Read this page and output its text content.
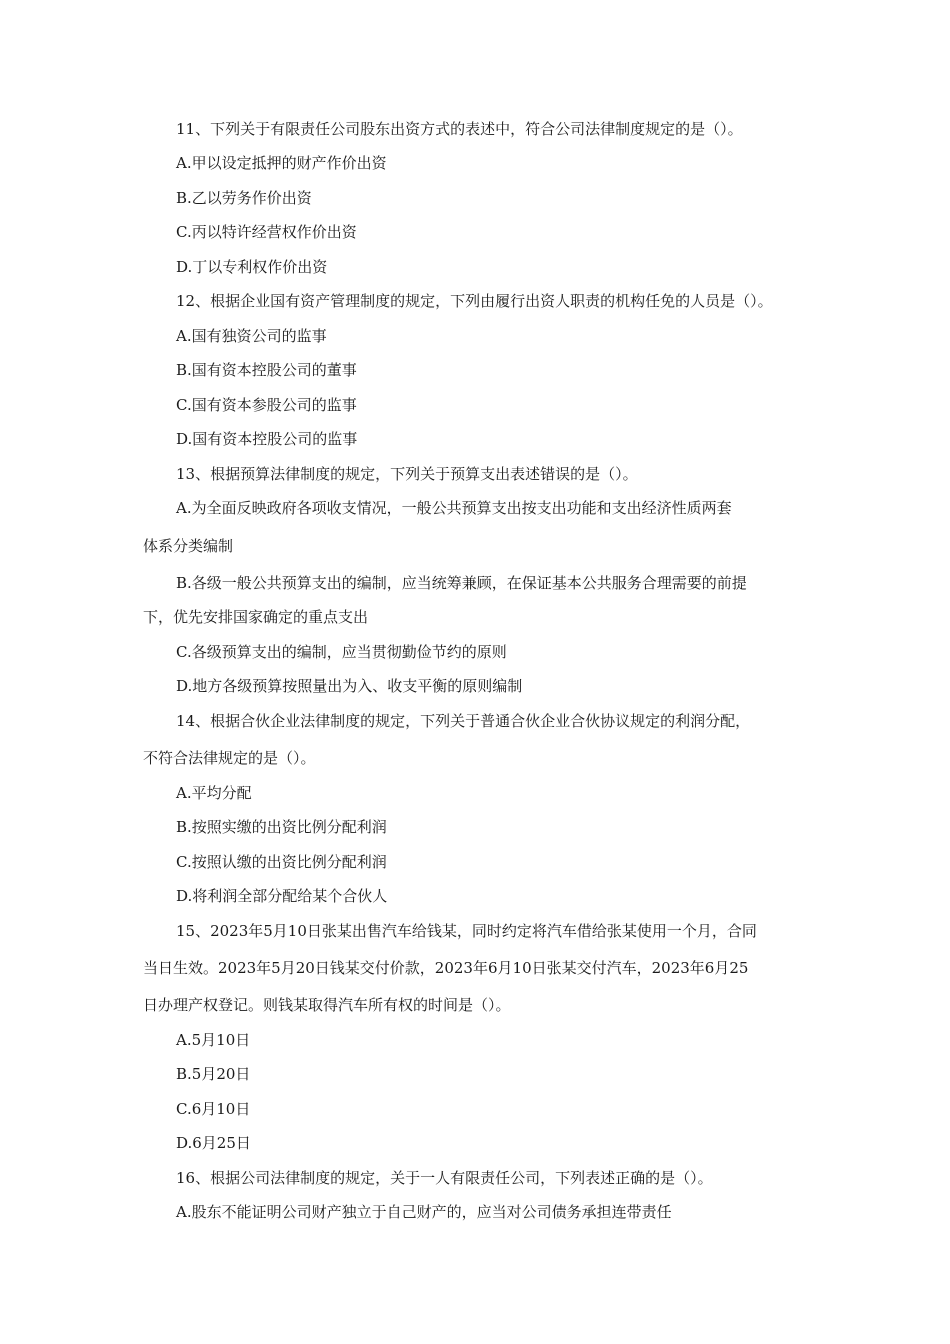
11、下列关于有限责任公司股东出资方式的表述中，符合公司法律制度规定的是（）。
A.甲以设定抵押的财产作价出资
B.乙以劳务作价出资
C.丙以特许经营权作价出资
D.丁以专利权作价出资
12、根据企业国有资产管理制度的规定，下列由履行出资人职责的机构任免的人员是（）。
A.国有独资公司的监事
B.国有资本控股公司的董事
C.国有资本参股公司的监事
D.国有资本控股公司的监事
13、根据预算法律制度的规定，下列关于预算支出表述错误的是（）。
A.为全面反映政府各项收支情况，一般公共预算支出按支出功能和支出经济性质两套
体系分类编制
B.各级一般公共预算支出的编制，应当统筹兼顾，在保证基本公共服务合理需要的前提
下，优先安排国家确定的重点支出
C.各级预算支出的编制，应当贯彻勤俭节约的原则
D.地方各级预算按照量出为入、收支平衡的原则编制
14、根据合伙企业法律制度的规定，下列关于普通合伙企业合伙协议规定的利润分配，
不符合法律规定的是（）。
A.平均分配
B.按照实缴的出资比例分配利润
C.按照认缴的出资比例分配利润
D.将利润全部分配给某个合伙人
15、2023年5月10日张某出售汽车给钱某，同时约定将汽车借给张某使用一个月，合同
当日生效。2023年5月20日钱某交付价款，2023年6月10日张某交付汽车，2023年6月25
日办理产权登记。则钱某取得汽车所有权的时间是（）。
A.5月10日
B.5月20日
C.6月10日
D.6月25日
16、根据公司法律制度的规定，关于一人有限责任公司，下列表述正确的是（）。
A.股东不能证明公司财产独立于自己财产的，应当对公司债务承担连带责任
